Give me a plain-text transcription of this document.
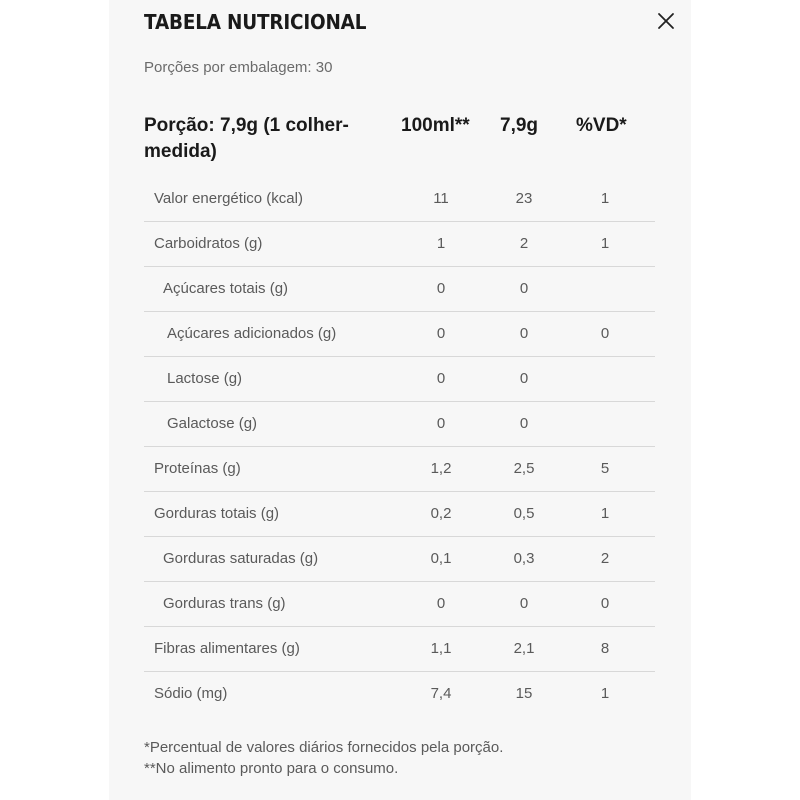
TABELA NUTRICIONAL
Porções por embalagem: 30
Porção: 7,9g (1 colher-medida)
100ml** 7,9g %VD*
Valor energético (kcal)	11	23	1
Carboidratos (g)	1	2	1
Açúcares totais (g)	0	0
Açúcares adicionados (g)	0	0	0
Lactose (g)	0	0
Galactose (g)	0	0
Proteínas (g)	1,2	2,5	5
Gorduras totais (g)	0,2	0,5	1
Gorduras saturadas (g)	0,1	0,3	2
Gorduras trans (g)	0	0	0
Fibras alimentares (g)	1,1	2,1	8
Sódio (mg)	7,4	15	1
*Percentual de valores diários fornecidos pela porção.
**No alimento pronto para o consumo.
